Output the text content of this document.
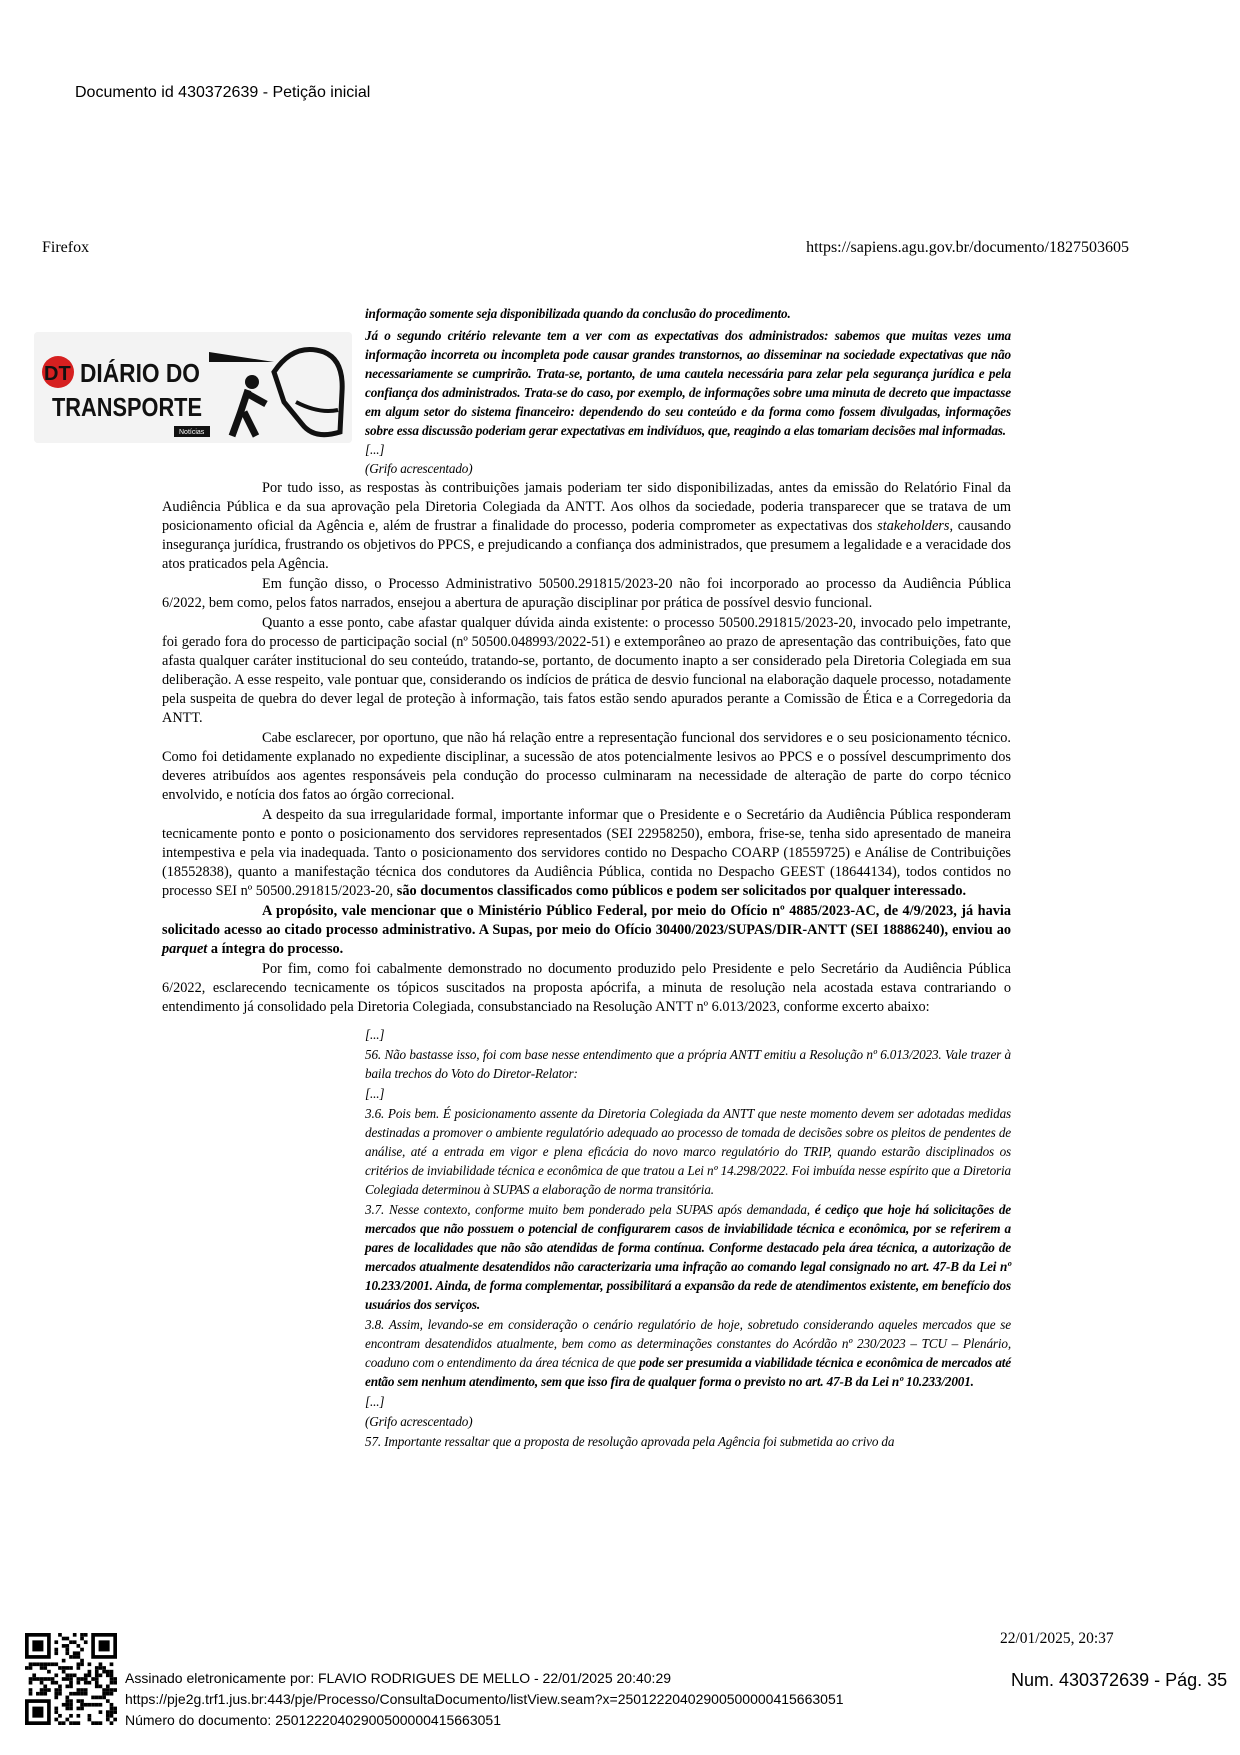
Documento id 430372639 - Petição inicial
Firefox	https://sapiens.agu.gov.br/documento/1827503605
DT DIÁRIO DO
TRANSPORTE
Notícias

informação somente seja disponibilizada quando da conclusão do procedimento.

Já o segundo critério relevante tem a ver com as expectativas dos administrados: sabemos que muitas vezes uma informação incorreta ou incompleta pode causar grandes transtornos, ao disseminar na sociedade expectativas que não necessariamente se cumprirão. Trata-se, portanto, de uma cautela necessária para zelar pela segurança jurídica e pela confiança dos administrados. Trata-se do caso, por exemplo, de informações sobre uma minuta de decreto que impactasse em algum setor do sistema financeiro: dependendo do seu conteúdo e da forma como fossem divulgadas, informações sobre essa discussão poderiam gerar expectativas em indivíduos, que, reagindo a elas tomariam decisões mal informadas.

[...]

(Grifo acrescentado)

Por tudo isso, as respostas às contribuições jamais poderiam ter sido disponibilizadas, antes da emissão do Relatório Final da Audiência Pública e da sua aprovação pela Diretoria Colegiada da ANTT. Aos olhos da sociedade, poderia transparecer que se tratava de um posicionamento oficial da Agência e, além de frustrar a finalidade do processo, poderia comprometer as expectativas dos stakeholders, causando insegurança jurídica, frustrando os objetivos do PPCS, e prejudicando a confiança dos administrados, que presumem a legalidade e a veracidade dos atos praticados pela Agência.

Em função disso, o Processo Administrativo 50500.291815/2023-20 não foi incorporado ao processo da Audiência Pública 6/2022, bem como, pelos fatos narrados, ensejou a abertura de apuração disciplinar por prática de possível desvio funcional.

Quanto a esse ponto, cabe afastar qualquer dúvida ainda existente: o processo 50500.291815/2023-20, invocado pelo impetrante, foi gerado fora do processo de participação social (nº 50500.048993/2022-51) e extemporâneo ao prazo de apresentação das contribuições, fato que afasta qualquer caráter institucional do seu conteúdo, tratando-se, portanto, de documento inapto a ser considerado pela Diretoria Colegiada em sua deliberação. A esse respeito, vale pontuar que, considerando os indícios de prática de desvio funcional na elaboração daquele processo, notadamente pela suspeita de quebra do dever legal de proteção à informação, tais fatos estão sendo apurados perante a Comissão de Ética e a Corregedoria da ANTT.

Cabe esclarecer, por oportuno, que não há relação entre a representação funcional dos servidores e o seu posicionamento técnico. Como foi detidamente explanado no expediente disciplinar, a sucessão de atos potencialmente lesivos ao PPCS e o possível descumprimento dos deveres atribuídos aos agentes responsáveis pela condução do processo culminaram na necessidade de alteração de parte do corpo técnico envolvido, e notícia dos fatos ao órgão correcional.

A despeito da sua irregularidade formal, importante informar que o Presidente e o Secretário da Audiência Pública responderam tecnicamente ponto e ponto o posicionamento dos servidores representados (SEI 22958250), embora, frise-se, tenha sido apresentado de maneira intempestiva e pela via inadequada. Tanto o posicionamento dos servidores contido no Despacho COARP (18559725) e Análise de Contribuições (18552838), quanto a manifestação técnica dos condutores da Audiência Pública, contida no Despacho GEEST (18644134), todos contidos no processo SEI nº 50500.291815/2023-20, são documentos classificados como públicos e podem ser solicitados por qualquer interessado.

A propósito, vale mencionar que o Ministério Público Federal, por meio do Ofício nº 4885/2023-AC, de 4/9/2023, já havia solicitado acesso ao citado processo administrativo. A Supas, por meio do Ofício 30400/2023/SUPAS/DIR-ANTT (SEI 18886240), enviou ao parquet a íntegra do processo.

Por fim, como foi cabalmente demonstrado no documento produzido pelo Presidente e pelo Secretário da Audiência Pública 6/2022, esclarecendo tecnicamente os tópicos suscitados na proposta apócrifa, a minuta de resolução nela acostada estava contrariando o entendimento já consolidado pela Diretoria Colegiada, consubstanciado na Resolução ANTT nº 6.013/2023, conforme excerto abaixo:

[...]

56. Não bastasse isso, foi com base nesse entendimento que a própria ANTT emitiu a Resolução nº 6.013/2023. Vale trazer à baila trechos do Voto do Diretor-Relator:

[...]

3.6. Pois bem. É posicionamento assente da Diretoria Colegiada da ANTT que neste momento devem ser adotadas medidas destinadas a promover o ambiente regulatório adequado ao processo de tomada de decisões sobre os pleitos de pendentes de análise, até a entrada em vigor e plena eficácia do novo marco regulatório do TRIP, quando estarão disciplinados os critérios de inviabilidade técnica e econômica de que tratou a Lei nº 14.298/2022. Foi imbuída nesse espírito que a Diretoria Colegiada determinou à SUPAS a elaboração de norma transitória.

3.7. Nesse contexto, conforme muito bem ponderado pela SUPAS após demandada, é cediço que hoje há solicitações de mercados que não possuem o potencial de configurarem casos de inviabilidade técnica e econômica, por se referirem a pares de localidades que não são atendidas de forma contínua. Conforme destacado pela área técnica, a autorização de mercados atualmente desatendidos não caracterizaria uma infração ao comando legal consignado no art. 47-B da Lei nº 10.233/2001. Ainda, de forma complementar, possibilitará a expansão da rede de atendimentos existente, em benefício dos usuários dos serviços.

3.8. Assim, levando-se em consideração o cenário regulatório de hoje, sobretudo considerando aqueles mercados que se encontram desatendidos atualmente, bem como as determinações constantes do Acórdão nº 230/2023 – TCU – Plenário, coaduno com o entendimento da área técnica de que pode ser presumida a viabilidade técnica e econômica de mercados até então sem nenhum atendimento, sem que isso fira de qualquer forma o previsto no art. 47-B da Lei nº 10.233/2001.

[...]

(Grifo acrescentado)

57. Importante ressaltar que a proposta de resolução aprovada pela Agência foi submetida ao crivo da

22/01/2025, 20:37
Assinado eletronicamente por: FLAVIO RODRIGUES DE MELLO - 22/01/2025 20:40:29
https://pje2g.trf1.jus.br:443/pje/Processo/ConsultaDocumento/listView.seam?x=25012220402900500000415663051
Número do documento: 25012220402900500000415663051
Num. 430372639 - Pág. 35
